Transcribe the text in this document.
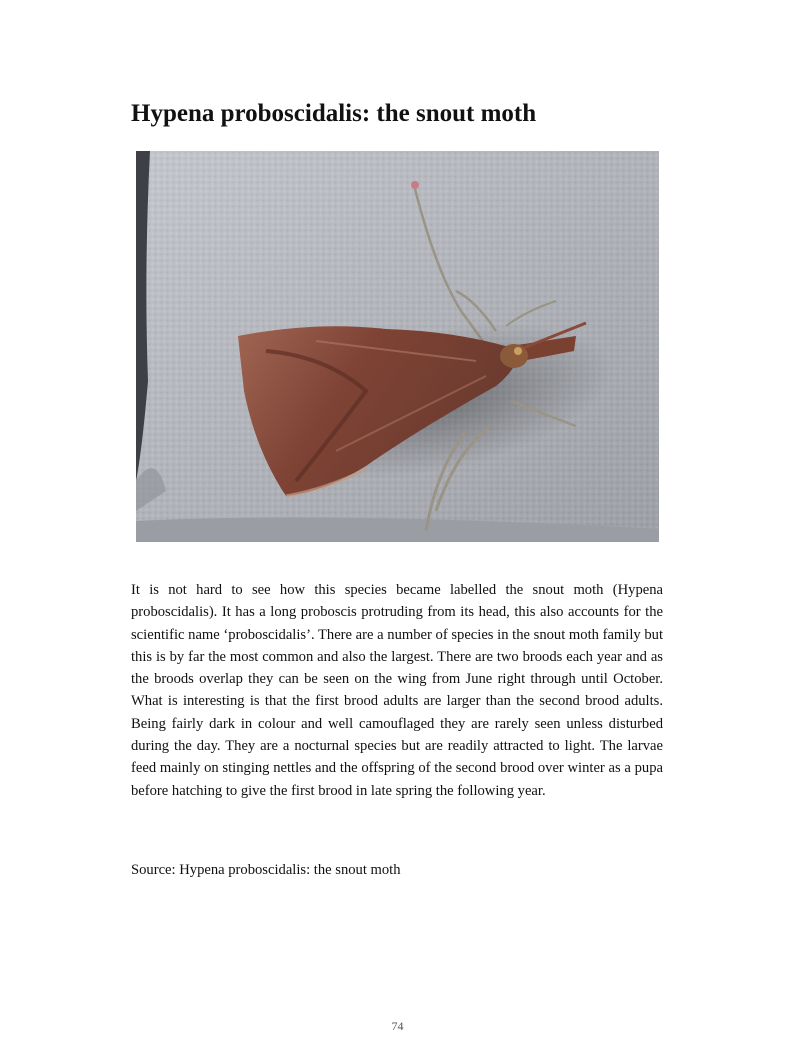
Hypena proboscidalis: the snout moth

It is not hard to see how this species became labelled the snout moth (Hypena proboscidalis). It has a long proboscis protruding from its head, this also accounts for the scientific name ‘proboscidalis’. There are a number of species in the snout moth family but this is by far the most common and also the largest. There are two broods each year and as the broods overlap they can be seen on the wing from June right through until October. What is interesting is that the first brood adults are larger than the second brood adults. Being fairly dark in colour and well camouflaged they are rarely seen unless disturbed during the day. They are a nocturnal species but are readily attracted to light. The larvae feed mainly on stinging nettles and the offspring of the second brood over winter as a pupa before hatching to give the first brood in late spring the following year.

Source: Hypena proboscidalis: the snout moth

74
